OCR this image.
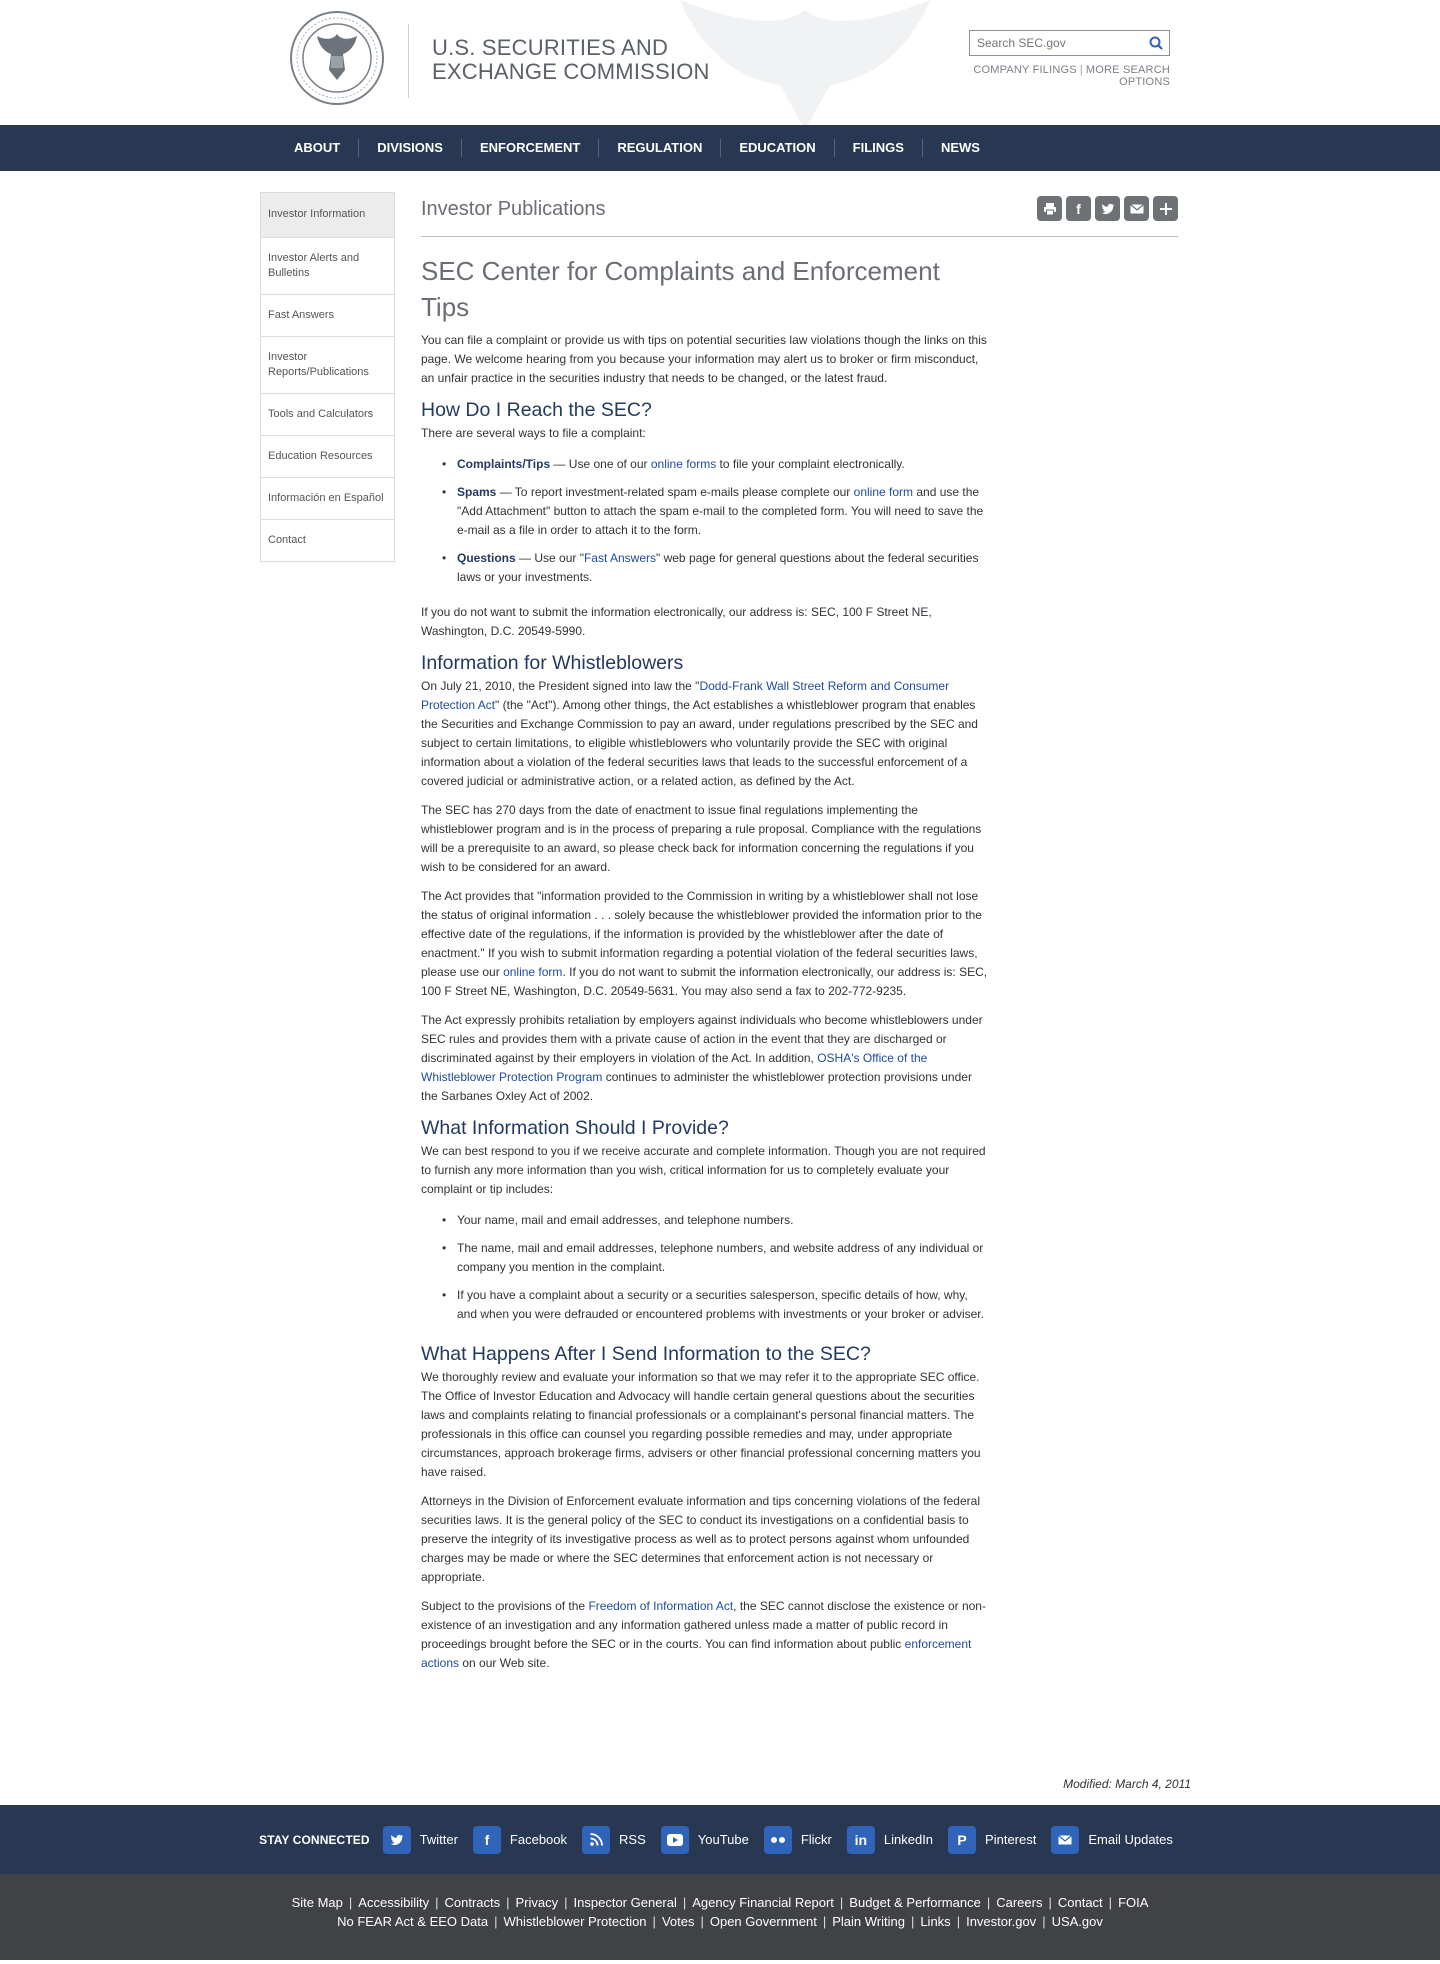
U.S. SECURITIES AND
EXCHANGE COMMISSION
Search SEC.gov	COMPANY FILINGS | MORE SEARCH OPTIONS
ABOUT	DIVISIONS	ENFORCEMENT	REGULATION	EDUCATION	FILINGS	NEWS
Investor Information
Investor Alerts and Bulletins
Fast Answers
Investor Reports/Publications
Tools and Calculators
Education Resources
Información en Español
Contact
Investor Publications	f
SEC Center for Complaints and Enforcement Tips

You can file a complaint or provide us with tips on potential securities law violations though the links on this page. We welcome hearing from you because your information may alert us to broker or firm misconduct, an unfair practice in the securities industry that needs to be changed, or the latest fraud.

How Do I Reach the SEC?

There are several ways to file a complaint:

• Complaints/Tips — Use one of our online forms to file your complaint electronically.
• Spams — To report investment-related spam e-mails please complete our online form and use the "Add Attachment" button to attach the spam e-mail to the completed form. You will need to save the e-mail as a file in order to attach it to the form.
• Questions — Use our "Fast Answers" web page for general questions about the federal securities laws or your investments.

If you do not want to submit the information electronically, our address is: SEC, 100 F Street NE, Washington, D.C. 20549-5990.

Information for Whistleblowers

On July 21, 2010, the President signed into law the "Dodd-Frank Wall Street Reform and Consumer Protection Act" (the "Act"). Among other things, the Act establishes a whistleblower program that enables the Securities and Exchange Commission to pay an award, under regulations prescribed by the SEC and subject to certain limitations, to eligible whistleblowers who voluntarily provide the SEC with original information about a violation of the federal securities laws that leads to the successful enforcement of a covered judicial or administrative action, or a related action, as defined by the Act.

The SEC has 270 days from the date of enactment to issue final regulations implementing the whistleblower program and is in the process of preparing a rule proposal. Compliance with the regulations will be a prerequisite to an award, so please check back for information concerning the regulations if you wish to be considered for an award.

The Act provides that "information provided to the Commission in writing by a whistleblower shall not lose the status of original information . . . solely because the whistleblower provided the information prior to the effective date of the regulations, if the information is provided by the whistleblower after the date of enactment." If you wish to submit information regarding a potential violation of the federal securities laws, please use our online form. If you do not want to submit the information electronically, our address is: SEC, 100 F Street NE, Washington, D.C. 20549-5631. You may also send a fax to 202-772-9235.

The Act expressly prohibits retaliation by employers against individuals who become whistleblowers under SEC rules and provides them with a private cause of action in the event that they are discharged or discriminated against by their employers in violation of the Act. In addition, OSHA's Office of the Whistleblower Protection Program continues to administer the whistleblower protection provisions under the Sarbanes Oxley Act of 2002.

What Information Should I Provide?

We can best respond to you if we receive accurate and complete information. Though you are not required to furnish any more information than you wish, critical information for us to completely evaluate your complaint or tip includes:

• Your name, mail and email addresses, and telephone numbers.
• The name, mail and email addresses, telephone numbers, and website address of any individual or company you mention in the complaint.
• If you have a complaint about a security or a securities salesperson, specific details of how, why, and when you were defrauded or encountered problems with investments or your broker or adviser.
What Happens After I Send Information to the SEC?

We thoroughly review and evaluate your information so that we may refer it to the appropriate SEC office. The Office of Investor Education and Advocacy will handle certain general questions about the securities laws and complaints relating to financial professionals or a complainant's personal financial matters. The professionals in this office can counsel you regarding possible remedies and may, under appropriate circumstances, approach brokerage firms, advisers or other financial professional concerning matters you have raised.

Attorneys in the Division of Enforcement evaluate information and tips concerning violations of the federal securities laws. It is the general policy of the SEC to conduct its investigations on a confidential basis to preserve the integrity of its investigative process as well as to protect persons against whom unfounded charges may be made or where the SEC determines that enforcement action is not necessary or appropriate.

Subject to the provisions of the Freedom of Information Act, the SEC cannot disclose the existence or non-existence of an investigation and any information gathered unless made a matter of public record in proceedings brought before the SEC or in the courts. You can find information about public enforcement actions on our Web site.

Modified: March 4, 2011
STAY CONNECTED	Twitter	f	Facebook	RSS	YouTube	Flickr	in	LinkedIn	P	Pinterest	Email Updates
Site Map | Accessibility | Contracts | Privacy | Inspector General | Agency Financial Report | Budget & Performance | Careers | Contact | FOIA
No FEAR Act & EEO Data | Whistleblower Protection | Votes | Open Government | Plain Writing | Links | Investor.gov | USA.gov
